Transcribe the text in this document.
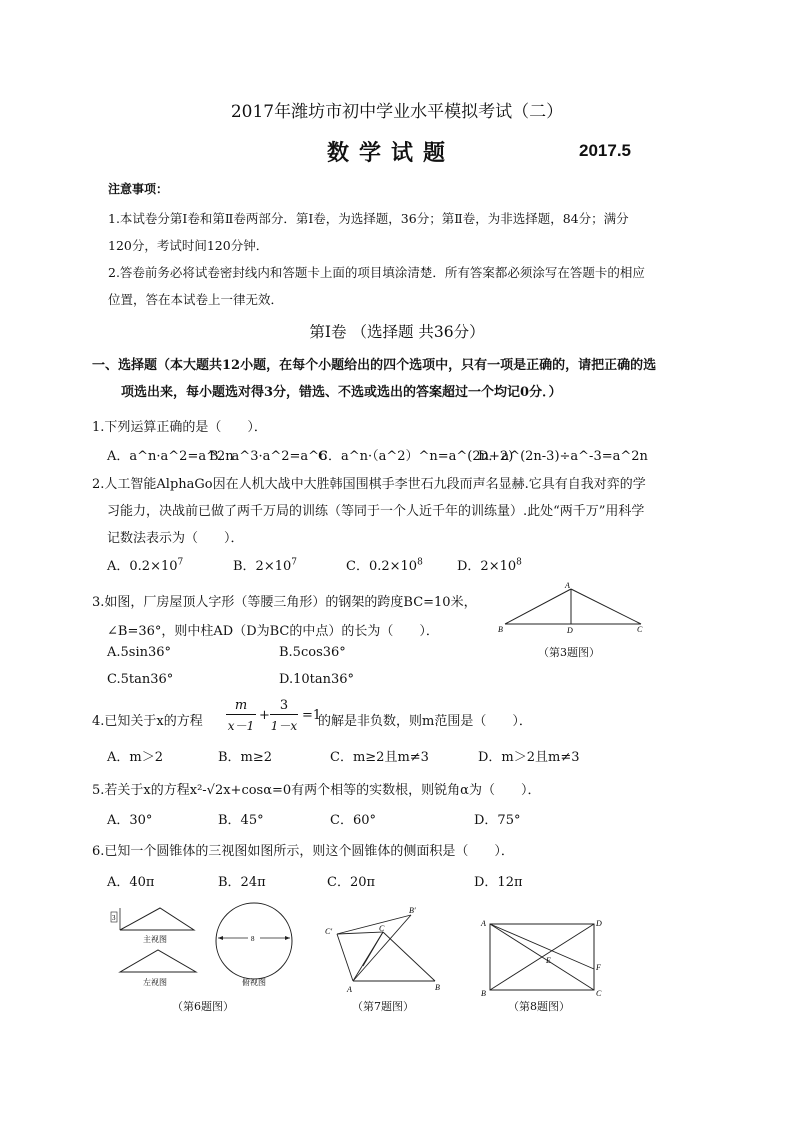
2017年潍坊市初中学业水平模拟考试（二）
数学试题	2017.5
注意事项：
1.本试卷分第Ⅰ卷和第Ⅱ卷两部分．第Ⅰ卷，为选择题，36分；第Ⅱ卷，为非选择题，84分；满分
120分，考试时间120分钟．
2.答卷前务必将试卷密封线内和答题卡上面的项目填涂清楚．所有答案都必须涂写在答题卡的相应
位置，答在本试卷上一律无效．
第Ⅰ卷 （选择题 共36分）
一、选择题（本大题共12小题，在每个小题给出的四个选项中，只有一项是正确的，请把正确的选
项选出来，每小题选对得3分，错选、不选或选出的答案超过一个均记0分．）
1.下列运算正确的是（　　）．
A．a^n·a^2=a^2n
B．a^3·a^2=a^6
C．a^n·（a^2）^n=a^(2n+2)
D．a^(2n-3)÷a^-3=a^2n
2.人工智能AlphaGo因在人机大战中大胜韩国围棋手李世石九段而声名显赫.它具有自我对弈的学
习能力，决战前已做了两千万局的训练（等同于一个人近千年的训练量）.此处“两千万”用科学
记数法表示为（　　）．
A．$0.2\times 10^7$	B．$2\times 10^7$	C．$0.2\times 10^8$	D．$2\times 10^8$
3.如图，厂房屋顶人字形（等腰三角形）的钢架的跨度BC=10米，
∠B=36°，则中柱AD（D为BC的中点）的长为（　　）．
A.5sin36°	B.5cos36°
C.5tan36°	D.10tan36°
A
B	D	C
（第3题图）
4.已知关于x的方程
m
x－1
+
3
1－x
=1
的解是非负数，则m范围是（　　）．
A．m＞2	B．m≥2	C．m≥2且m≠3	D．m＞2且m≠3
5.若关于x的方程x²-√2x+cosα=0有两个相等的实数根，则锐角α为（　　）．
A．30°	B．45°	C．60°	D．75°
6.已知一个圆锥体的三视图如图所示，则这个圆锥体的侧面积是（　　）．
A．40π	B．24π	C．20π	D．12π
3
8
主视图
左视图	俯视图
（第6题图）
C′	C
B′
A	B
（第7题图）
A	D
B	C
F
E
（第8题图）
